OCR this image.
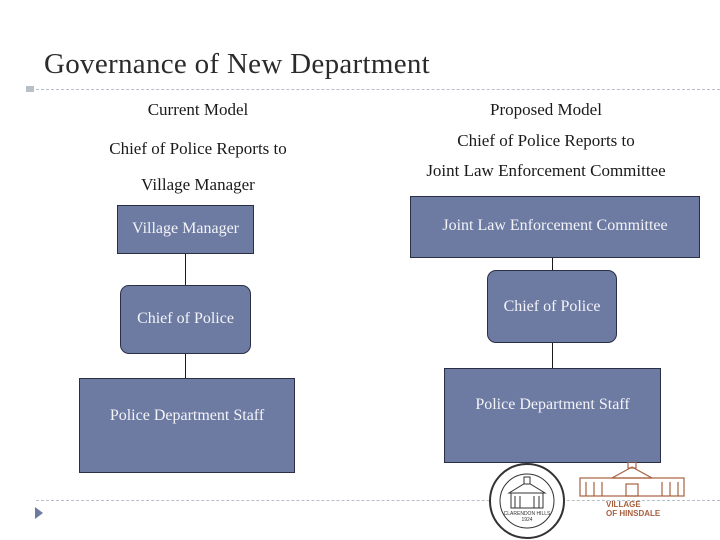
Governance of New Department
Current Model
Chief of Police Reports to
Village Manager
Village Manager
Chief of Police
Police Department Staff
Proposed Model
Chief of Police Reports to
Joint Law Enforcement Committee
Joint Law Enforcement Committee
Chief of Police
Police Department Staff
CLARENDON HILLS
1924
VILLAGE
OF HINSDALE
